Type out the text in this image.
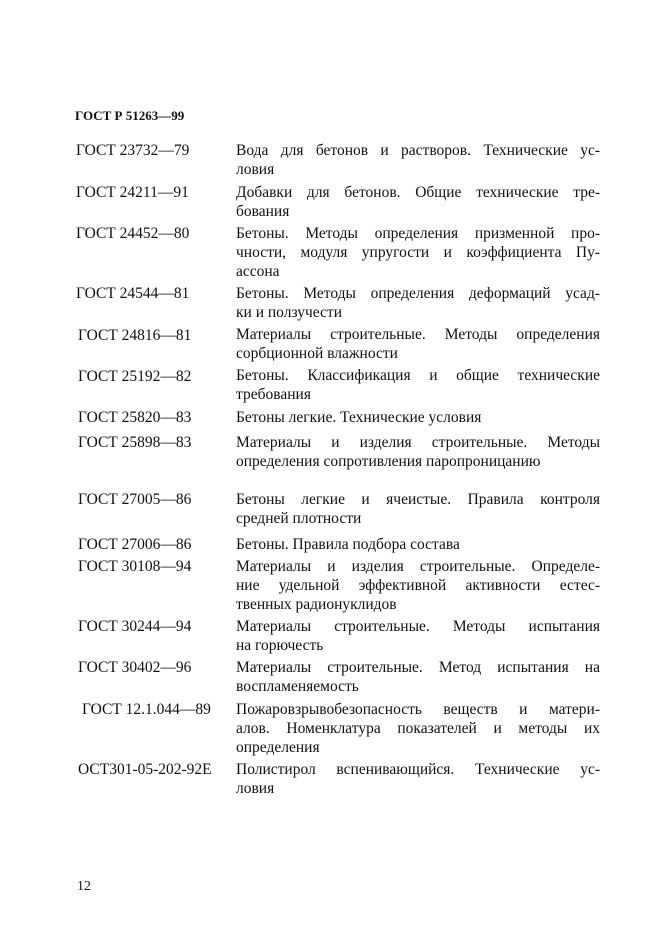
ГОСТ Р 51263—99
ГОСТ 23732—79	Вода для бетонов и растворов. Технические ус-
ловия
ГОСТ 24211—91	Добавки для бетонов. Общие технические тре-
бования
ГОСТ 24452—80	Бетоны. Методы определения призменной про-
чности, модуля упругости и коэффициента Пу-
ассона
ГОСТ 24544—81	Бетоны. Методы определения деформаций усад-
ки и ползучести
ГОСТ 24816—81	Материалы строительные. Методы определения
сорбционной влажности
ГОСТ 25192—82	Бетоны. Классификация и общие технические
требования
ГОСТ 25820—83	Бетоны легкие. Технические условия
ГОСТ 25898—83	Материалы и изделия строительные. Методы
определения сопротивления паропроницанию
ГОСТ 27005—86	Бетоны легкие и ячеистые. Правила контроля
средней плотности
ГОСТ 27006—86	Бетоны. Правила подбора состава
ГОСТ 30108—94	Материалы и изделия строительные. Определе-
ние удельной эффективной активности естес-
твенных радионуклидов
ГОСТ 30244—94	Материалы строительные. Методы испытания
на горючесть
ГОСТ 30402—96	Материалы строительные. Метод испытания на
воспламеняемость
ГОСТ 12.1.044—89 Пожаровзрывобезопасность веществ и матери-
алов. Номенклатура показателей и методы их
определения
ОСТ301-05-202-92Е Полистирол вспенивающийся. Технические ус-
ловия
12
